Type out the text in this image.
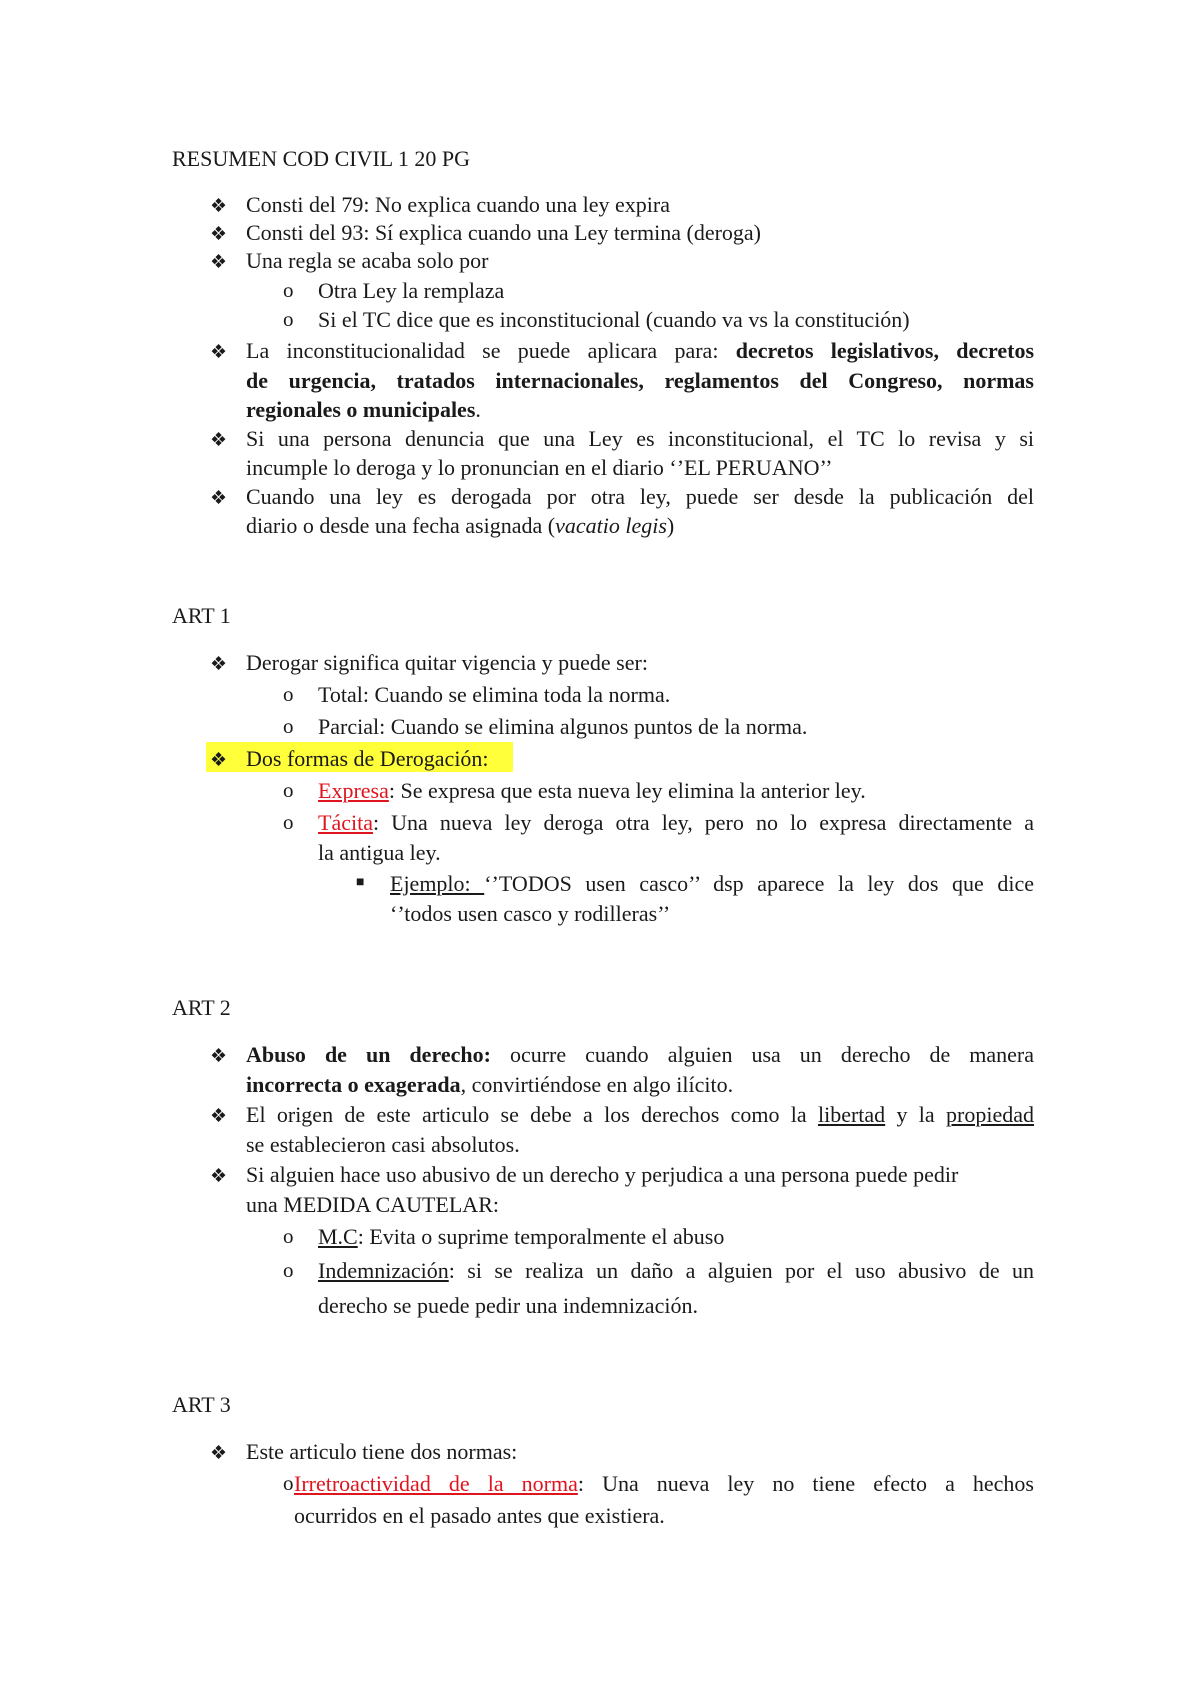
RESUMEN COD CIVIL 1 20 PG
❖ Consti del 79: No explica cuando una ley expira
❖ Consti del 93: Sí explica cuando una Ley termina (deroga)
❖ Una regla se acaba solo por
o Otra Ley la remplaza
o Si el TC dice que es inconstitucional (cuando va vs la constitución)
❖ La inconstitucionalidad se puede aplicara para: decretos legislativos, decretos
de urgencia, tratados internacionales, reglamentos del Congreso, normas
regionales o municipales.
❖ Si una persona denuncia que una Ley es inconstitucional, el TC lo revisa y si
incumple lo deroga y lo pronuncian en el diario ‘’EL PERUANO’’
❖ Cuando una ley es derogada por otra ley, puede ser desde la publicación del
diario o desde una fecha asignada (vacatio legis)
ART 1
❖ Derogar significa quitar vigencia y puede ser:
o Total: Cuando se elimina toda la norma.
o Parcial: Cuando se elimina algunos puntos de la norma.
❖ Dos formas de Derogación:
o Expresa: Se expresa que esta nueva ley elimina la anterior ley.
o Tácita: Una nueva ley deroga otra ley, pero no lo expresa directamente a
la antigua ley.
■ Ejemplo: ‘’TODOS usen casco’’ dsp aparece la ley dos que dice
‘’todos usen casco y rodilleras’’
ART 2
❖ Abuso de un derecho: ocurre cuando alguien usa un derecho de manera
incorrecta o exagerada, convirtiéndose en algo ilícito.
❖ El origen de este articulo se debe a los derechos como la libertad y la propiedad
se establecieron casi absolutos.
❖ Si alguien hace uso abusivo de un derecho y perjudica a una persona puede pedir
una MEDIDA CAUTELAR:
o M.C: Evita o suprime temporalmente el abuso
o Indemnización: si se realiza un daño a alguien por el uso abusivo de un
derecho se puede pedir una indemnización.
ART 3
❖ Este articulo tiene dos normas:
o Irretroactividad de la norma: Una nueva ley no tiene efecto a hechos
ocurridos en el pasado antes que existiera.
